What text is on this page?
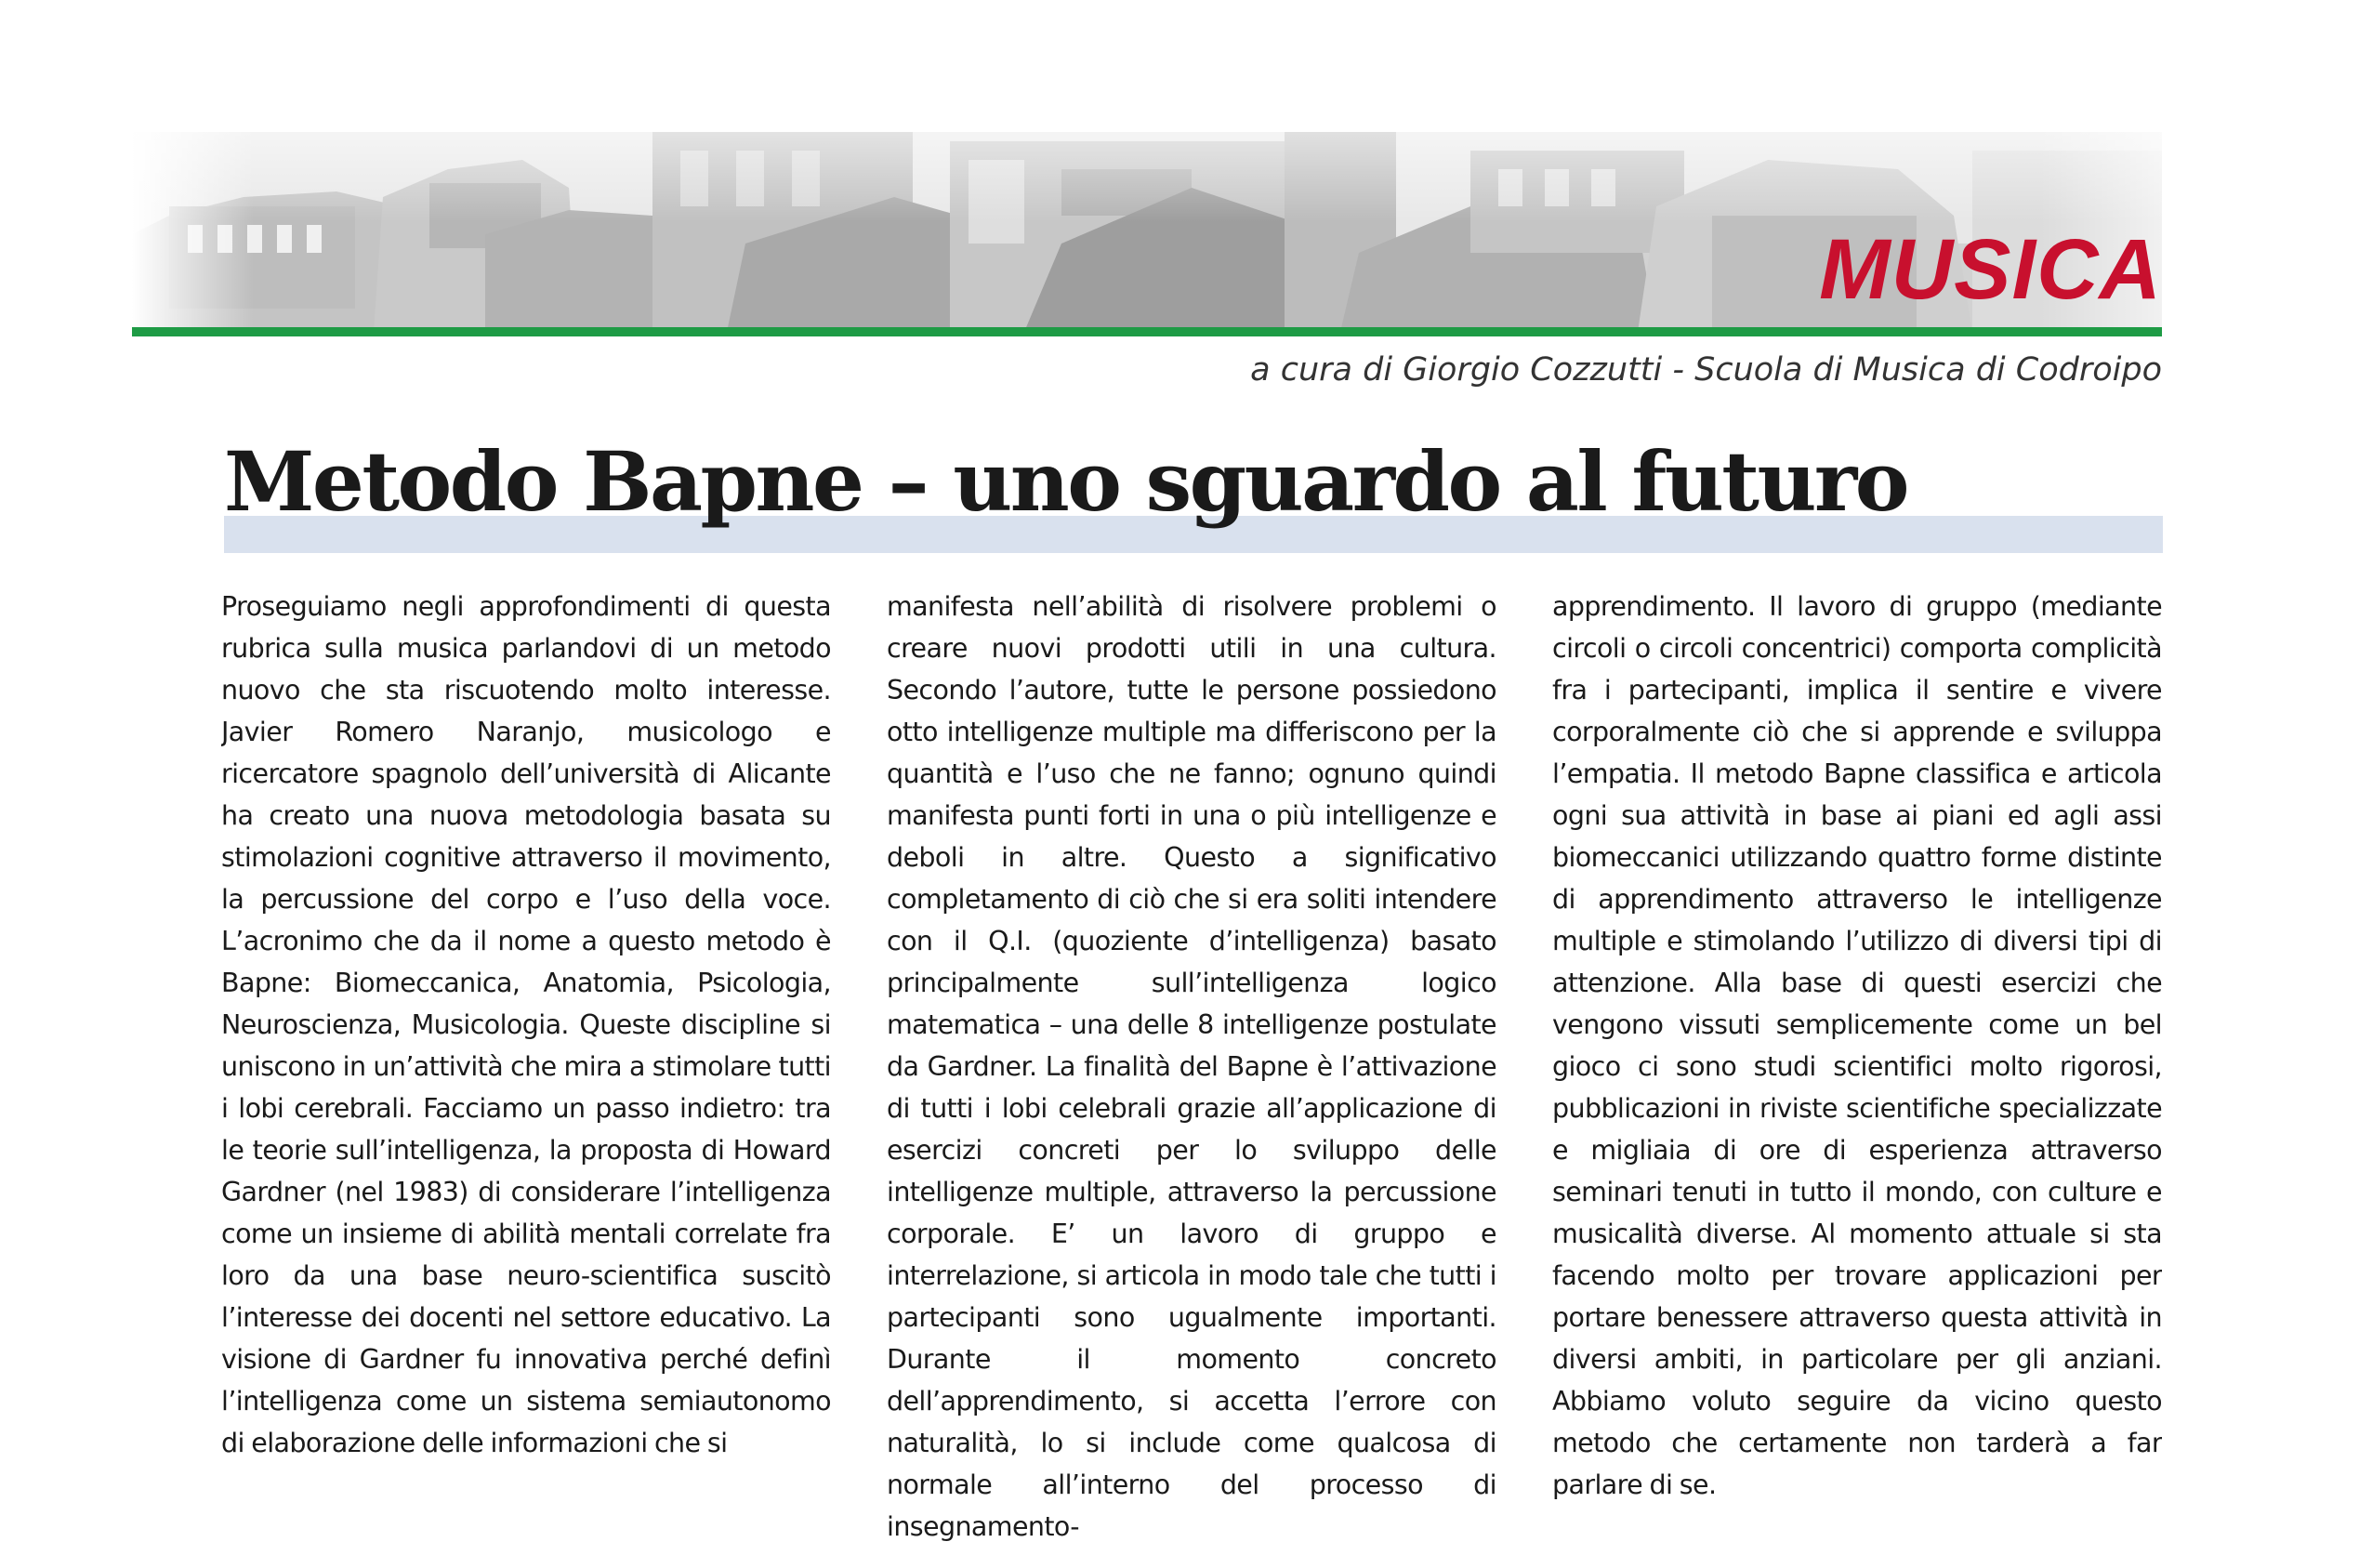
MUSICA

a cura di Giorgio Cozzutti - Scuola di Musica di Codroipo

Metodo Bapne – uno sguardo al futuro

Proseguiamo negli approfondimenti di questa rubrica sulla musica parlandovi di un metodo nuovo che sta riscuotendo molto interesse. Javier Romero Naranjo, musicologo e ricercatore spagnolo dell’università di Alicante ha creato una nuova metodologia basata su stimolazioni cognitive attraverso il movimento, la percussione del corpo e l’uso della voce. L’acronimo che da il nome a questo metodo è Bapne: Biomeccanica, Anatomia, Psicologia, Neuroscienza, Musicologia. Queste discipline si uniscono in un’attività che mira a stimolare tutti i lobi cerebrali. Facciamo un passo indietro: tra le teorie sull’intelligenza, la proposta di Howard Gardner (nel 1983) di considerare l’intelligenza come un insieme di abilità mentali correlate fra loro da una base neuro-scientifica suscitò l’interesse dei docenti nel settore educativo. La visione di Gardner fu innovativa perché definì l’intelligenza come un sistema semiautonomo di elaborazione delle informazioni che si

manifesta nell’abilità di risolvere problemi o creare nuovi prodotti utili in una cultura. Secondo l’autore, tutte le persone possiedono otto intelligenze multiple ma differiscono per la quantità e l’uso che ne fanno; ognuno quindi manifesta punti forti in una o più intelligenze e deboli in altre. Questo a significativo completamento di ciò che si era soliti intendere con il Q.I. (quoziente d’intelligenza) basato principalmente sull’intelligenza logico matematica – una delle 8 intelligenze postulate da Gardner. La finalità del Bapne è l’attivazione di tutti i lobi celebrali grazie all’applicazione di esercizi concreti per lo sviluppo delle intelligenze multiple, attraverso la percussione corporale. E’ un lavoro di gruppo e interrelazione, si articola in modo tale che tutti i partecipanti sono ugualmente importanti. Durante il momento concreto dell’apprendimento, si accetta l’errore con naturalità, lo si include come qualcosa di normale all’interno del processo di insegnamento-

apprendimento. Il lavoro di gruppo (mediante circoli o circoli concentrici) comporta complicità fra i partecipanti, implica il sentire e vivere corporalmente ciò che si apprende e sviluppa l’empatia. Il metodo Bapne classifica e articola ogni sua attività in base ai piani ed agli assi biomeccanici utilizzando quattro forme distinte di apprendimento attraverso le intelligenze multiple e stimolando l’utilizzo di diversi tipi di attenzione. Alla base di questi esercizi che vengono vissuti semplicemente come un bel gioco ci sono studi scientifici molto rigorosi, pubblicazioni in riviste scientifiche specializzate e migliaia di ore di esperienza attraverso seminari tenuti in tutto il mondo, con culture e musicalità diverse. Al momento attuale si sta facendo molto per trovare applicazioni per portare benessere attraverso questa attività in diversi ambiti, in particolare per gli anziani. Abbiamo voluto seguire da vicino questo metodo che certamente non tarderà a far parlare di se.
